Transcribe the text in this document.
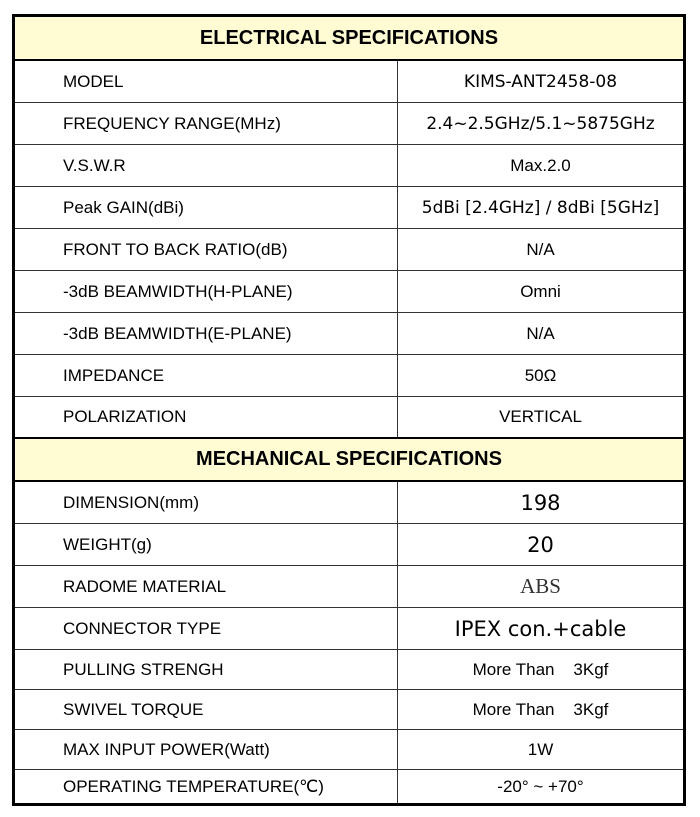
ELECTRICAL SPECIFICATIONS
MODEL	KIMS-ANT2458-08
FREQUENCY RANGE(MHz)	2.4~2.5GHz/5.1~5875GHz
V.S.W.R	Max.2.0
Peak GAIN(dBi)	5dBi [2.4GHz] / 8dBi [5GHz]
FRONT TO BACK RATIO(dB)	N/A
-3dB BEAMWIDTH(H-PLANE)	Omni
-3dB BEAMWIDTH(E-PLANE)	N/A
IMPEDANCE	50Ω
POLARIZATION	VERTICAL
MECHANICAL SPECIFICATIONS
DIMENSION(mm)	198
WEIGHT(g)	20
RADOME MATERIAL	ABS
CONNECTOR TYPE	IPEX con.+cable
PULLING STRENGH	More Than    3Kgf
SWIVEL TORQUE	More Than    3Kgf
MAX INPUT POWER(Watt)	1W
OPERATING TEMPERATURE(℃)	-20° ~ +70°
